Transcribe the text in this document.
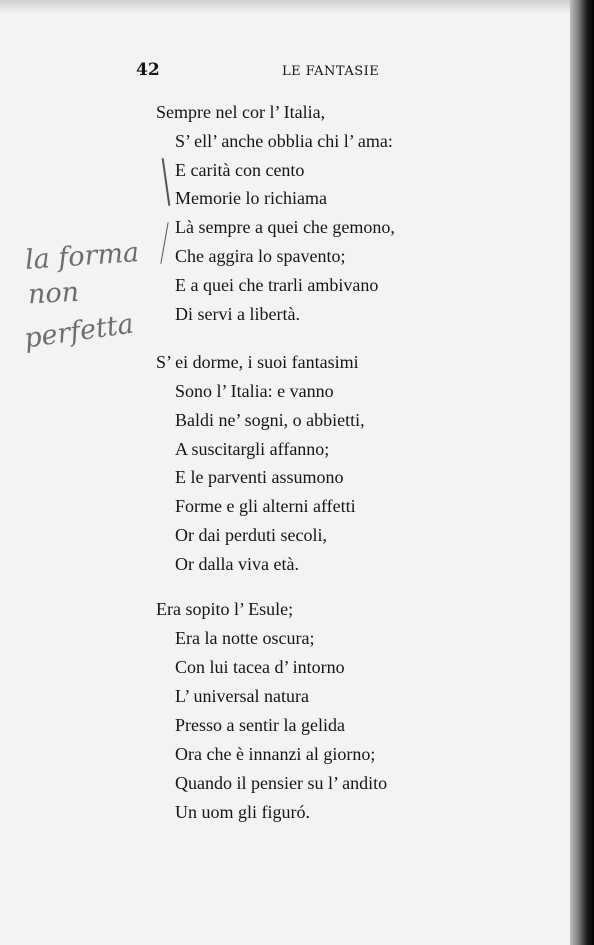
42	LE FANTASIE
Sempre nel cor l’ Italia,
S’ ell’ anche obblia chi l’ ama:
E carità con cento
Memorie lo richiama
Là sempre a quei che gemono,
Che aggira lo spavento;
E a quei che trarli ambivano
Di servi a libertà.
S’ ei dorme, i suoi fantasimi
Sono l’ Italia: e vanno
Baldi ne’ sogni, o abbietti,
A suscitargli affanno;
E le parventi assumono
Forme e gli alterni affetti
Or dai perduti secoli,
Or dalla viva età.
Era sopito l’ Esule;
Era la notte oscura;
Con lui tacea d’ intorno
L’ universal natura
Presso a sentir la gelida
Ora che è innanzi al giorno;
Quando il pensier su l’ andito
Un uom gli figuró.
la forma
non
perfetta
